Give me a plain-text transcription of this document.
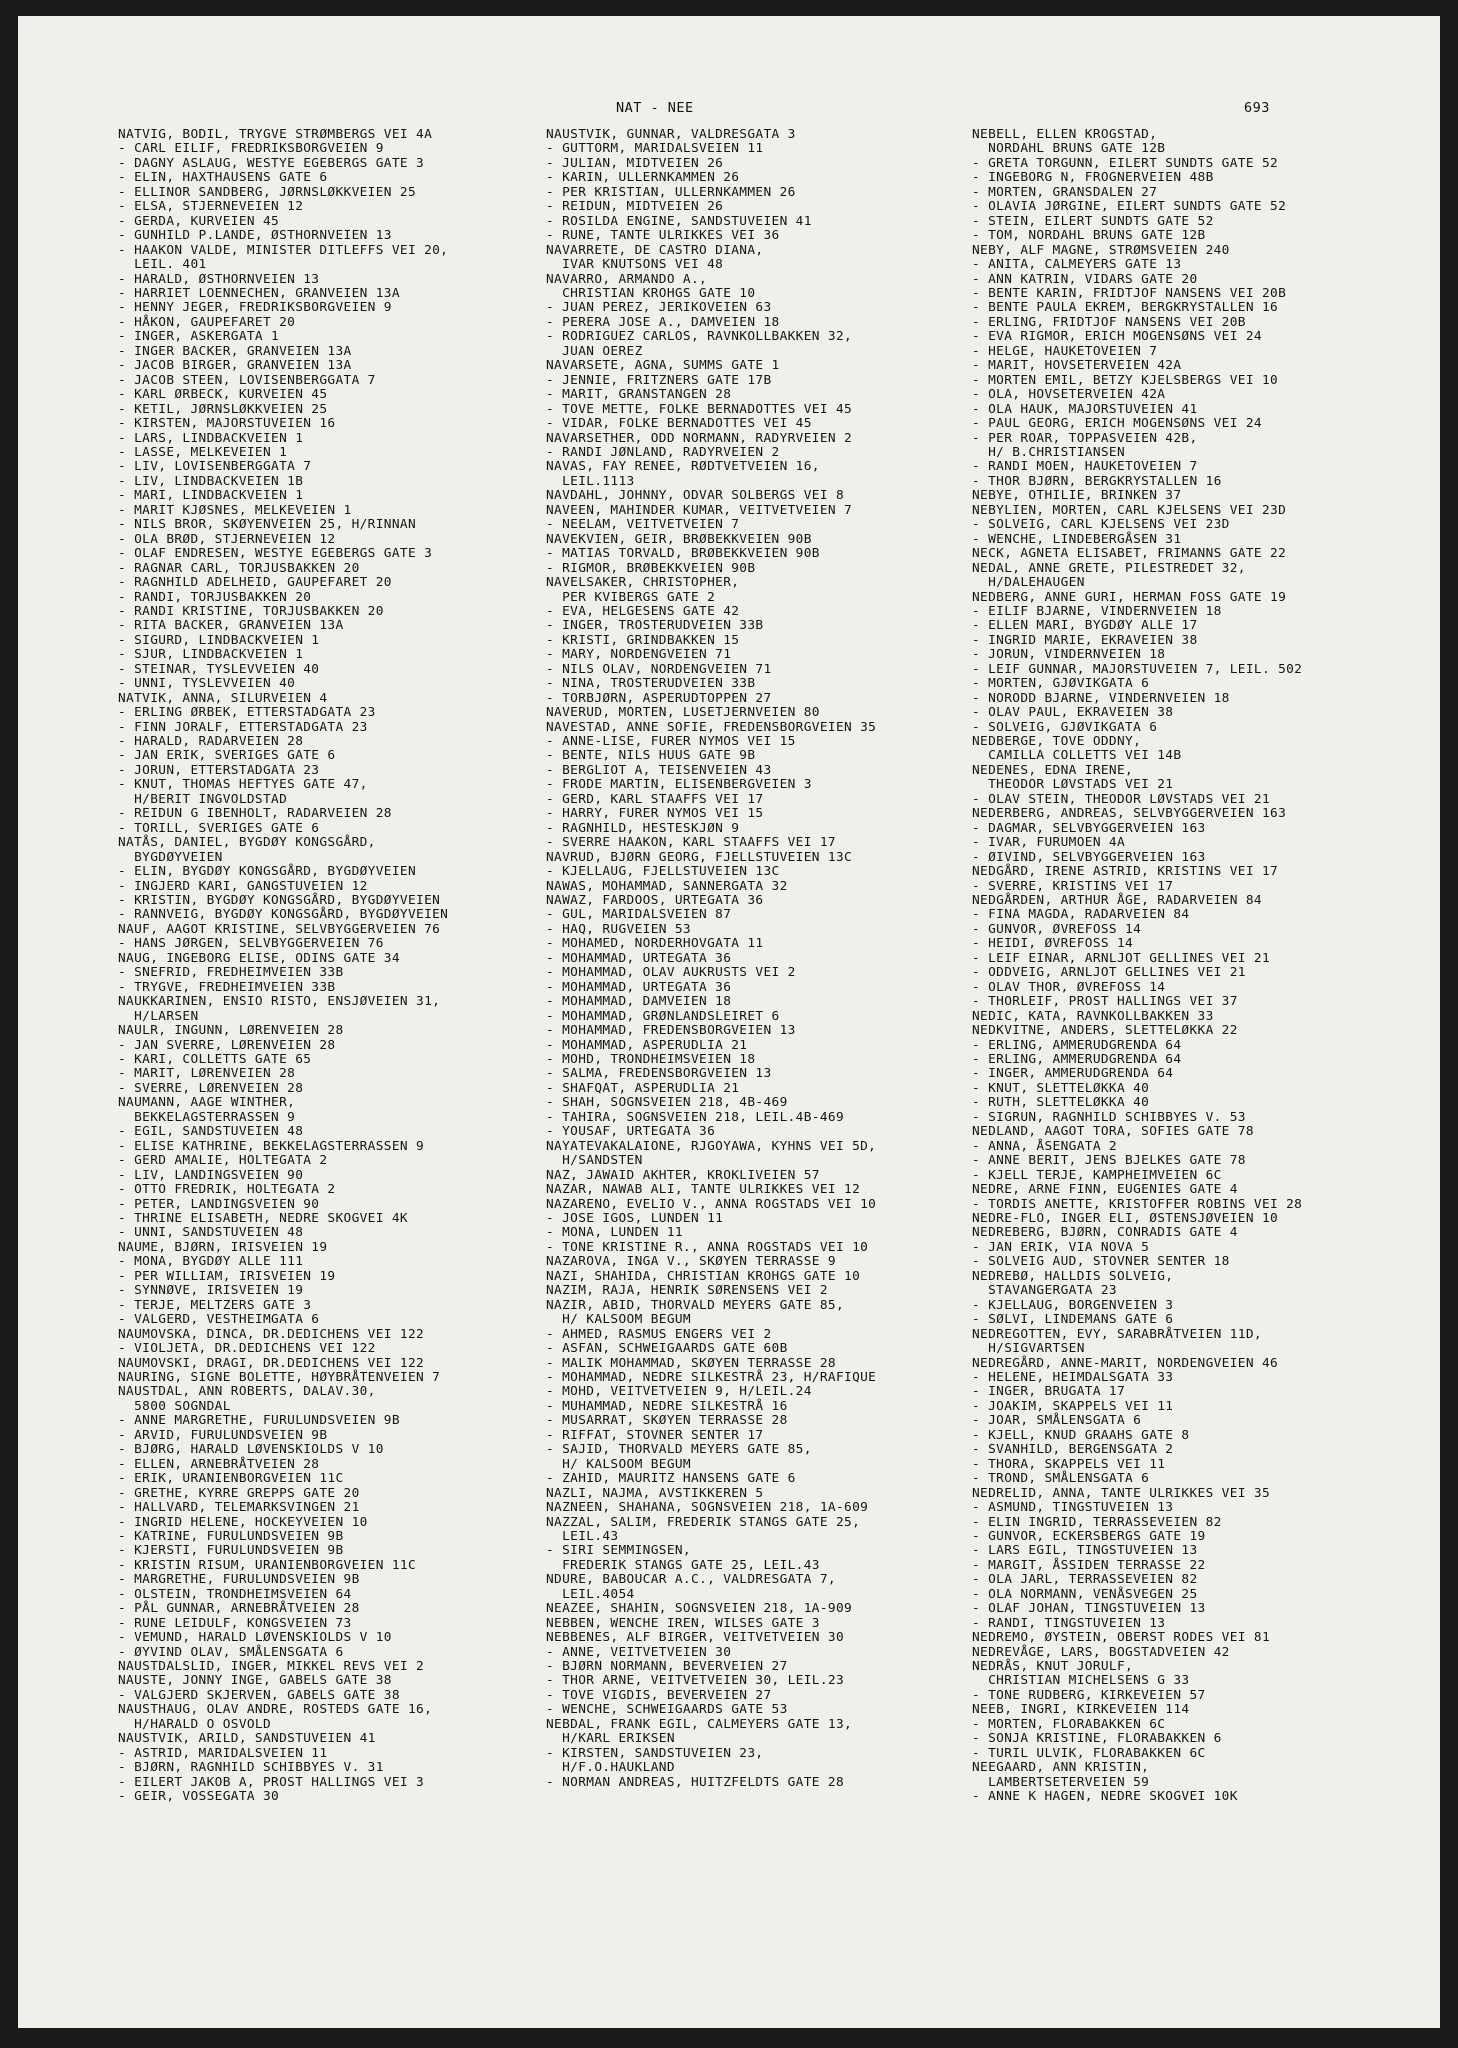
NAT - NEE	693
NATVIG, BODIL, TRYGVE STRØMBERGS VEI 4A
- CARL EILIF, FREDRIKSBORGVEIEN 9
- DAGNY ASLAUG, WESTYE EGEBERGS GATE 3
- ELIN, HAXTHAUSENS GATE 6
- ELLINOR SANDBERG, JØRNSLØKKVEIEN 25
- ELSA, STJERNEVEIEN 12
- GERDA, KURVEIEN 45
- GUNHILD P.LANDE, ØSTHORNVEIEN 13
- HAAKON VALDE, MINISTER DITLEFFS VEI 20,
LEIL. 401
- HARALD, ØSTHORNVEIEN 13
- HARRIET LOENNECHEN, GRANVEIEN 13A
- HENNY JEGER, FREDRIKSBORGVEIEN 9
- HÅKON, GAUPEFARET 20
- INGER, ASKERGATA 1
- INGER BACKER, GRANVEIEN 13A
- JACOB BIRGER, GRANVEIEN 13A
- JACOB STEEN, LOVISENBERGGATA 7
- KARL ØRBECK, KURVEIEN 45
- KETIL, JØRNSLØKKVEIEN 25
- KIRSTEN, MAJORSTUVEIEN 16
- LARS, LINDBACKVEIEN 1
- LASSE, MELKEVEIEN 1
- LIV, LOVISENBERGGATA 7
- LIV, LINDBACKVEIEN 1B
- MARI, LINDBACKVEIEN 1
- MARIT KJØSNES, MELKEVEIEN 1
- NILS BROR, SKØYENVEIEN 25, H/RINNAN
- OLA BRØD, STJERNEVEIEN 12
- OLAF ENDRESEN, WESTYE EGEBERGS GATE 3
- RAGNAR CARL, TORJUSBAKKEN 20
- RAGNHILD ADELHEID, GAUPEFARET 20
- RANDI, TORJUSBAKKEN 20
- RANDI KRISTINE, TORJUSBAKKEN 20
- RITA BACKER, GRANVEIEN 13A
- SIGURD, LINDBACKVEIEN 1
- SJUR, LINDBACKVEIEN 1
- STEINAR, TYSLEVVEIEN 40
- UNNI, TYSLEVVEIEN 40
NATVIK, ANNA, SILURVEIEN 4
- ERLING ØRBEK, ETTERSTADGATA 23
- FINN JORALF, ETTERSTADGATA 23
- HARALD, RADARVEIEN 28
- JAN ERIK, SVERIGES GATE 6
- JORUN, ETTERSTADGATA 23
- KNUT, THOMAS HEFTYES GATE 47,
H/BERIT INGVOLDSTAD
- REIDUN G IBENHOLT, RADARVEIEN 28
- TORILL, SVERIGES GATE 6
NATÅS, DANIEL, BYGDØY KONGSGÅRD,
BYGDØYVEIEN
- ELIN, BYGDØY KONGSGÅRD, BYGDØYVEIEN
- INGJERD KARI, GANGSTUVEIEN 12
- KRISTIN, BYGDØY KONGSGÅRD, BYGDØYVEIEN
- RANNVEIG, BYGDØY KONGSGÅRD, BYGDØYVEIEN
NAUF, AAGOT KRISTINE, SELVBYGGERVEIEN 76
- HANS JØRGEN, SELVBYGGERVEIEN 76
NAUG, INGEBORG ELISE, ODINS GATE 34
- SNEFRID, FREDHEIMVEIEN 33B
- TRYGVE, FREDHEIMVEIEN 33B
NAUKKARINEN, ENSIO RISTO, ENSJØVEIEN 31,
H/LARSEN
NAULR, INGUNN, LØRENVEIEN 28
- JAN SVERRE, LØRENVEIEN 28
- KARI, COLLETTS GATE 65
- MARIT, LØRENVEIEN 28
- SVERRE, LØRENVEIEN 28
NAUMANN, AAGE WINTHER,
BEKKELAGSTERRASSEN 9
- EGIL, SANDSTUVEIEN 48
- ELISE KATHRINE, BEKKELAGSTERRASSEN 9
- GERD AMALIE, HOLTEGATA 2
- LIV, LANDINGSVEIEN 90
- OTTO FREDRIK, HOLTEGATA 2
- PETER, LANDINGSVEIEN 90
- THRINE ELISABETH, NEDRE SKOGVEI 4K
- UNNI, SANDSTUVEIEN 48
NAUME, BJØRN, IRISVEIEN 19
- MONA, BYGDØY ALLE 111
- PER WILLIAM, IRISVEIEN 19
- SYNNØVE, IRISVEIEN 19
- TERJE, MELTZERS GATE 3
- VALGERD, VESTHEIMGATA 6
NAUMOVSKA, DINCA, DR.DEDICHENS VEI 122
- VIOLJETA, DR.DEDICHENS VEI 122
NAUMOVSKI, DRAGI, DR.DEDICHENS VEI 122
NAURING, SIGNE BOLETTE, HØYBRÅTENVEIEN 7
NAUSTDAL, ANN ROBERTS, DALAV.30,
5800 SOGNDAL
- ANNE MARGRETHE, FURULUNDSVEIEN 9B
- ARVID, FURULUNDSVEIEN 9B
- BJØRG, HARALD LØVENSKIOLDS V 10
- ELLEN, ARNEBRÅTVEIEN 28
- ERIK, URANIENBORGVEIEN 11C
- GRETHE, KYRRE GREPPS GATE 20
- HALLVARD, TELEMARKSVINGEN 21
- INGRID HELENE, HOCKEYVEIEN 10
- KATRINE, FURULUNDSVEIEN 9B
- KJERSTI, FURULUNDSVEIEN 9B
- KRISTIN RISUM, URANIENBORGVEIEN 11C
- MARGRETHE, FURULUNDSVEIEN 9B
- OLSTEIN, TRONDHEIMSVEIEN 64
- PÅL GUNNAR, ARNEBRÅTVEIEN 28
- RUNE LEIDULF, KONGSVEIEN 73
- VEMUND, HARALD LØVENSKIOLDS V 10
- ØYVIND OLAV, SMÅLENSGATA 6
NAUSTDALSLID, INGER, MIKKEL REVS VEI 2
NAUSTE, JONNY INGE, GABELS GATE 38
- VALGJERD SKJERVEN, GABELS GATE 38
NAUSTHAUG, OLAV ANDRE, ROSTEDS GATE 16,
H/HARALD O OSVOLD
NAUSTVIK, ARILD, SANDSTUVEIEN 41
- ASTRID, MARIDALSVEIEN 11
- BJØRN, RAGNHILD SCHIBBYES V. 31
- EILERT JAKOB A, PROST HALLINGS VEI 3
- GEIR, VOSSEGATA 30
NAUSTVIK, GUNNAR, VALDRESGATA 3
- GUTTORM, MARIDALSVEIEN 11
- JULIAN, MIDTVEIEN 26
- KARIN, ULLERNKAMMEN 26
- PER KRISTIAN, ULLERNKAMMEN 26
- REIDUN, MIDTVEIEN 26
- ROSILDA ENGINE, SANDSTUVEIEN 41
- RUNE, TANTE ULRIKKES VEI 36
NAVARRETE, DE CASTRO DIANA,
IVAR KNUTSONS VEI 48
NAVARRO, ARMANDO A.,
CHRISTIAN KROHGS GATE 10
- JUAN PEREZ, JERIKOVEIEN 63
- PERERA JOSE A., DAMVEIEN 18
- RODRIGUEZ CARLOS, RAVNKOLLBAKKEN 32,
JUAN OEREZ
NAVARSETE, AGNA, SUMMS GATE 1
- JENNIE, FRITZNERS GATE 17B
- MARIT, GRANSTANGEN 28
- TOVE METTE, FOLKE BERNADOTTES VEI 45
- VIDAR, FOLKE BERNADOTTES VEI 45
NAVARSETHER, ODD NORMANN, RADYRVEIEN 2
- RANDI JØNLAND, RADYRVEIEN 2
NAVAS, FAY RENEE, RØDTVETVEIEN 16,
LEIL.1113
NAVDAHL, JOHNNY, ODVAR SOLBERGS VEI 8
NAVEEN, MAHINDER KUMAR, VEITVETVEIEN 7
- NEELAM, VEITVETVEIEN 7
NAVEKVIEN, GEIR, BRØBEKKVEIEN 90B
- MATIAS TORVALD, BRØBEKKVEIEN 90B
- RIGMOR, BRØBEKKVEIEN 90B
NAVELSAKER, CHRISTOPHER,
PER KVIBERGS GATE 2
- EVA, HELGESENS GATE 42
- INGER, TROSTERUDVEIEN 33B
- KRISTI, GRINDBAKKEN 15
- MARY, NORDENGVEIEN 71
- NILS OLAV, NORDENGVEIEN 71
- NINA, TROSTERUDVEIEN 33B
- TORBJØRN, ASPERUDTOPPEN 27
NAVERUD, MORTEN, LUSETJERNVEIEN 80
NAVESTAD, ANNE SOFIE, FREDENSBORGVEIEN 35
- ANNE-LISE, FURER NYMOS VEI 15
- BENTE, NILS HUUS GATE 9B
- BERGLIOT A, TEISENVEIEN 43
- FRODE MARTIN, ELISENBERGVEIEN 3
- GERD, KARL STAAFFS VEI 17
- HARRY, FURER NYMOS VEI 15
- RAGNHILD, HESTESKJØN 9
- SVERRE HAAKON, KARL STAAFFS VEI 17
NAVRUD, BJØRN GEORG, FJELLSTUVEIEN 13C
- KJELLAUG, FJELLSTUVEIEN 13C
NAWAS, MOHAMMAD, SANNERGATA 32
NAWAZ, FARDOOS, URTEGATA 36
- GUL, MARIDALSVEIEN 87
- HAQ, RUGVEIEN 53
- MOHAMED, NORDERHOVGATA 11
- MOHAMMAD, URTEGATA 36
- MOHAMMAD, OLAV AUKRUSTS VEI 2
- MOHAMMAD, URTEGATA 36
- MOHAMMAD, DAMVEIEN 18
- MOHAMMAD, GRØNLANDSLEIRET 6
- MOHAMMAD, FREDENSBORGVEIEN 13
- MOHAMMAD, ASPERUDLIA 21
- MOHD, TRONDHEIMSVEIEN 18
- SALMA, FREDENSBORGVEIEN 13
- SHAFQAT, ASPERUDLIA 21
- SHAH, SOGNSVEIEN 218, 4B-469
- TAHIRA, SOGNSVEIEN 218, LEIL.4B-469
- YOUSAF, URTEGATA 36
NAYATEVAKALAIONE, RJGOYAWA, KYHNS VEI 5D,
H/SANDSTEN
NAZ, JAWAID AKHTER, KROKLIVEIEN 57
NAZAR, NAWAB ALI, TANTE ULRIKKES VEI 12
NAZARENO, EVELIO V., ANNA ROGSTADS VEI 10
- JOSE IGOS, LUNDEN 11
- MONA, LUNDEN 11
- TONE KRISTINE R., ANNA ROGSTADS VEI 10
NAZAROVA, INGA V., SKØYEN TERRASSE 9
NAZI, SHAHIDA, CHRISTIAN KROHGS GATE 10
NAZIM, RAJA, HENRIK SØRENSENS VEI 2
NAZIR, ABID, THORVALD MEYERS GATE 85,
H/ KALSOOM BEGUM
- AHMED, RASMUS ENGERS VEI 2
- ASFAN, SCHWEIGAARDS GATE 60B
- MALIK MOHAMMAD, SKØYEN TERRASSE 28
- MOHAMMAD, NEDRE SILKESTRÅ 23, H/RAFIQUE
- MOHD, VEITVETVEIEN 9, H/LEIL.24
- MUHAMMAD, NEDRE SILKESTRÅ 16
- MUSARRAT, SKØYEN TERRASSE 28
- RIFFAT, STOVNER SENTER 17
- SAJID, THORVALD MEYERS GATE 85,
H/ KALSOOM BEGUM
- ZAHID, MAURITZ HANSENS GATE 6
NAZLI, NAJMA, AVSTIKKEREN 5
NAZNEEN, SHAHANA, SOGNSVEIEN 218, 1A-609
NAZZAL, SALIM, FREDERIK STANGS GATE 25,
LEIL.43
- SIRI SEMMINGSEN,
FREDERIK STANGS GATE 25, LEIL.43
NDURE, BABOUCAR A.C., VALDRESGATA 7,
LEIL.4054
NEAZEE, SHAHIN, SOGNSVEIEN 218, 1A-909
NEBBEN, WENCHE IREN, WILSES GATE 3
NEBBENES, ALF BIRGER, VEITVETVEIEN 30
- ANNE, VEITVETVEIEN 30
- BJØRN NORMANN, BEVERVEIEN 27
- THOR ARNE, VEITVETVEIEN 30, LEIL.23
- TOVE VIGDIS, BEVERVEIEN 27
- WENCHE, SCHWEIGAARDS GATE 53
NEBDAL, FRANK EGIL, CALMEYERS GATE 13,
H/KARL ERIKSEN
- KIRSTEN, SANDSTUVEIEN 23,
H/F.O.HAUKLAND
- NORMAN ANDREAS, HUITZFELDTS GATE 28
NEBELL, ELLEN KROGSTAD,
NORDAHL BRUNS GATE 12B
- GRETA TORGUNN, EILERT SUNDTS GATE 52
- INGEBORG N, FROGNERVEIEN 48B
- MORTEN, GRANSDALEN 27
- OLAVIA JØRGINE, EILERT SUNDTS GATE 52
- STEIN, EILERT SUNDTS GATE 52
- TOM, NORDAHL BRUNS GATE 12B
NEBY, ALF MAGNE, STRØMSVEIEN 240
- ANITA, CALMEYERS GATE 13
- ANN KATRIN, VIDARS GATE 20
- BENTE KARIN, FRIDTJOF NANSENS VEI 20B
- BENTE PAULA EKREM, BERGKRYSTALLEN 16
- ERLING, FRIDTJOF NANSENS VEI 20B
- EVA RIGMOR, ERICH MOGENSØNS VEI 24
- HELGE, HAUKETOVEIEN 7
- MARIT, HOVSETERVEIEN 42A
- MORTEN EMIL, BETZY KJELSBERGS VEI 10
- OLA, HOVSETERVEIEN 42A
- OLA HAUK, MAJORSTUVEIEN 41
- PAUL GEORG, ERICH MOGENSØNS VEI 24
- PER ROAR, TOPPASVEIEN 42B,
H/ B.CHRISTIANSEN
- RANDI MOEN, HAUKETOVEIEN 7
- THOR BJØRN, BERGKRYSTALLEN 16
NEBYE, OTHILIE, BRINKEN 37
NEBYLIEN, MORTEN, CARL KJELSENS VEI 23D
- SOLVEIG, CARL KJELSENS VEI 23D
- WENCHE, LINDEBERGÅSEN 31
NECK, AGNETA ELISABET, FRIMANNS GATE 22
NEDAL, ANNE GRETE, PILESTREDET 32,
H/DALEHAUGEN
NEDBERG, ANNE GURI, HERMAN FOSS GATE 19
- EILIF BJARNE, VINDERNVEIEN 18
- ELLEN MARI, BYGDØY ALLE 17
- INGRID MARIE, EKRAVEIEN 38
- JORUN, VINDERNVEIEN 18
- LEIF GUNNAR, MAJORSTUVEIEN 7, LEIL. 502
- MORTEN, GJØVIKGATA 6
- NORODD BJARNE, VINDERNVEIEN 18
- OLAV PAUL, EKRAVEIEN 38
- SOLVEIG, GJØVIKGATA 6
NEDBERGE, TOVE ODDNY,
CAMILLA COLLETTS VEI 14B
NEDENES, EDNA IRENE,
THEODOR LØVSTADS VEI 21
- OLAV STEIN, THEODOR LØVSTADS VEI 21
NEDERBERG, ANDREAS, SELVBYGGERVEIEN 163
- DAGMAR, SELVBYGGERVEIEN 163
- IVAR, FURUMOEN 4A
- ØIVIND, SELVBYGGERVEIEN 163
NEDGÅRD, IRENE ASTRID, KRISTINS VEI 17
- SVERRE, KRISTINS VEI 17
NEDGÅRDEN, ARTHUR ÅGE, RADARVEIEN 84
- FINA MAGDA, RADARVEIEN 84
- GUNVOR, ØVREFOSS 14
- HEIDI, ØVREFOSS 14
- LEIF EINAR, ARNLJOT GELLINES VEI 21
- ODDVEIG, ARNLJOT GELLINES VEI 21
- OLAV THOR, ØVREFOSS 14
- THORLEIF, PROST HALLINGS VEI 37
NEDIC, KATA, RAVNKOLLBAKKEN 33
NEDKVITNE, ANDERS, SLETTELØKKA 22
- ERLING, AMMERUDGRENDA 64
- ERLING, AMMERUDGRENDA 64
- INGER, AMMERUDGRENDA 64
- KNUT, SLETTELØKKA 40
- RUTH, SLETTELØKKA 40
- SIGRUN, RAGNHILD SCHIBBYES V. 53
NEDLAND, AAGOT TORA, SOFIES GATE 78
- ANNA, ÅSENGATA 2
- ANNE BERIT, JENS BJELKES GATE 78
- KJELL TERJE, KAMPHEIMVEIEN 6C
NEDRE, ARNE FINN, EUGENIES GATE 4
- TORDIS ANETTE, KRISTOFFER ROBINS VEI 28
NEDRE-FLO, INGER ELI, ØSTENSJØVEIEN 10
NEDREBERG, BJØRN, CONRADIS GATE 4
- JAN ERIK, VIA NOVA 5
- SOLVEIG AUD, STOVNER SENTER 18
NEDREBØ, HALLDIS SOLVEIG,
STAVANGERGATA 23
- KJELLAUG, BORGENVEIEN 3
- SØLVI, LINDEMANS GATE 6
NEDREGOTTEN, EVY, SARABRÅTVEIEN 11D,
H/SIGVARTSEN
NEDREGÅRD, ANNE-MARIT, NORDENGVEIEN 46
- HELENE, HEIMDALSGATA 33
- INGER, BRUGATA 17
- JOAKIM, SKAPPELS VEI 11
- JOAR, SMÅLENSGATA 6
- KJELL, KNUD GRAAHS GATE 8
- SVANHILD, BERGENSGATA 2
- THORA, SKAPPELS VEI 11
- TROND, SMÅLENSGATA 6
NEDRELID, ANNA, TANTE ULRIKKES VEI 35
- ASMUND, TINGSTUVEIEN 13
- ELIN INGRID, TERRASSEVEIEN 82
- GUNVOR, ECKERSBERGS GATE 19
- LARS EGIL, TINGSTUVEIEN 13
- MARGIT, ÅSSIDEN TERRASSE 22
- OLA JARL, TERRASSEVEIEN 82
- OLA NORMANN, VENÅSVEGEN 25
- OLAF JOHAN, TINGSTUVEIEN 13
- RANDI, TINGSTUVEIEN 13
NEDREMO, ØYSTEIN, OBERST RODES VEI 81
NEDREVÅGE, LARS, BOGSTADVEIEN 42
NEDRÅS, KNUT JORULF,
CHRISTIAN MICHELSENS G 33
- TONE RUDBERG, KIRKEVEIEN 57
NEEB, INGRI, KIRKEVEIEN 114
- MORTEN, FLORABAKKEN 6C
- SONJA KRISTINE, FLORABAKKEN 6
- TURIL ULVIK, FLORABAKKEN 6C
NEEGAARD, ANN KRISTIN,
LAMBERTSETERVEIEN 59
- ANNE K HAGEN, NEDRE SKOGVEI 10K
